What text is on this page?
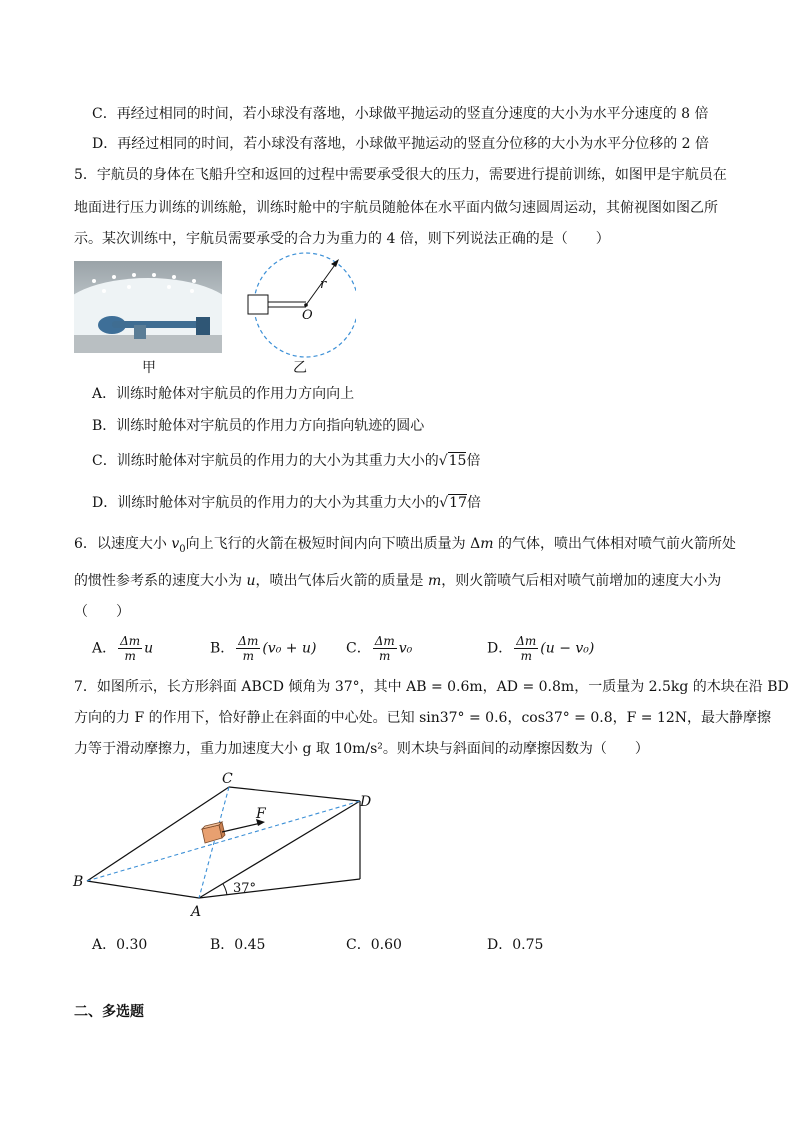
C．再经过相同的时间，若小球没有落地，小球做平抛运动的竖直分速度的大小为水平分速度的 8 倍
D．再经过相同的时间，若小球没有落地，小球做平抛运动的竖直分位移的大小为水平分位移的 2 倍
5．宇航员的身体在飞船升空和返回的过程中需要承受很大的压力，需要进行提前训练，如图甲是宇航员在
地面进行压力训练的训练舱，训练时舱中的宇航员随舱体在水平面内做匀速圆周运动，其俯视图如图乙所
示。某次训练中，宇航员需要承受的合力为重力的 4 倍，则下列说法正确的是（　　）
甲
r
O
乙
A．训练时舱体对宇航员的作用力方向向上
B．训练时舱体对宇航员的作用力方向指向轨迹的圆心
C．训练时舱体对宇航员的作用力的大小为其重力大小的√15倍
D．训练时舱体对宇航员的作用力的大小为其重力大小的√17倍
6．以速度大小 $v_0$向上飞行的火箭在极短时间内向下喷出质量为 Δm 的气体，喷出气体相对喷气前火箭所处
的惯性参考系的速度大小为 u，喷出气体后火箭的质量是 m，则火箭喷气后相对喷气前增加的速度大小为
（　　）
A． $\frac{\Delta m}{m}$ u	B． $\frac{\Delta m}{m} (v_0 + u)$ C． $\frac{\Delta m}{m} v_0$	D． $\frac{\Delta m}{m} (u - v_0)$
7．如图所示，长方形斜面 ABCD 倾角为 37°，其中 AB = 0.6m，AD = 0.8m，一质量为 2.5kg 的木块在沿 BD
方向的力 F 的作用下，恰好静止在斜面的中心处。已知 sin37° = 0.6，cos37° = 0.8，F = 12N，最大静摩擦
力等于滑动摩擦力，重力加速度大小 g 取 10m/s²。则木块与斜面间的动摩擦因数为（　　）
F
A
B
C
D
37°
A．0.30	B．0.45	C．0.60	D．0.75
二、多选题
